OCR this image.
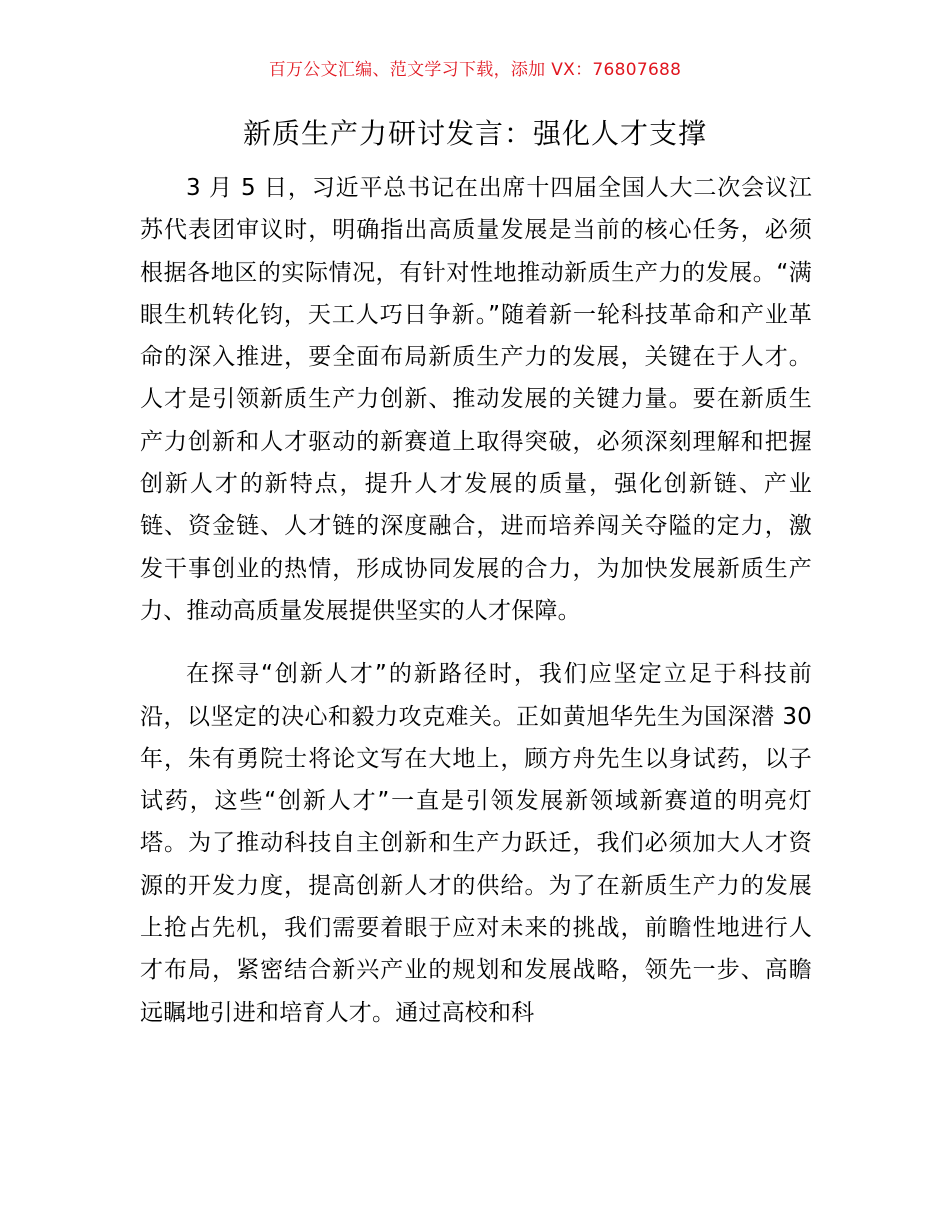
百万公文汇编、范文学习下载，添加 VX：76807688
新质生产力研讨发言：强化人才支撑

3 月 5 日，习近平总书记在出席十四届全国人大二次会议江苏代表团审议时，明确指出高质量发展是当前的核心任务，必须根据各地区的实际情况，有针对性地推动新质生产力的发展。“满眼生机转化钧，天工人巧日争新。”随着新一轮科技革命和产业革命的深入推进，要全面布局新质生产力的发展，关键在于人才。人才是引领新质生产力创新、推动发展的关键力量。要在新质生产力创新和人才驱动的新赛道上取得突破，必须深刻理解和把握创新人才的新特点，提升人才发展的质量，强化创新链、产业链、资金链、人才链的深度融合，进而培养闯关夺隘的定力，激发干事创业的热情，形成协同发展的合力，为加快发展新质生产力、推动高质量发展提供坚实的人才保障。

在探寻“创新人才”的新路径时，我们应坚定立足于科技前沿，以坚定的决心和毅力攻克难关。正如黄旭华先生为国深潜 30 年，朱有勇院士将论文写在大地上，顾方舟先生以身试药，以子试药，这些“创新人才”一直是引领发展新领域新赛道的明亮灯塔。为了推动科技自主创新和生产力跃迁，我们必须加大人才资源的开发力度，提高创新人才的供给。为了在新质生产力的发展上抢占先机，我们需要着眼于应对未来的挑战，前瞻性地进行人才布局，紧密结合新兴产业的规划和发展战略，领先一步、高瞻远瞩地引进和培育人才。通过高校和科
